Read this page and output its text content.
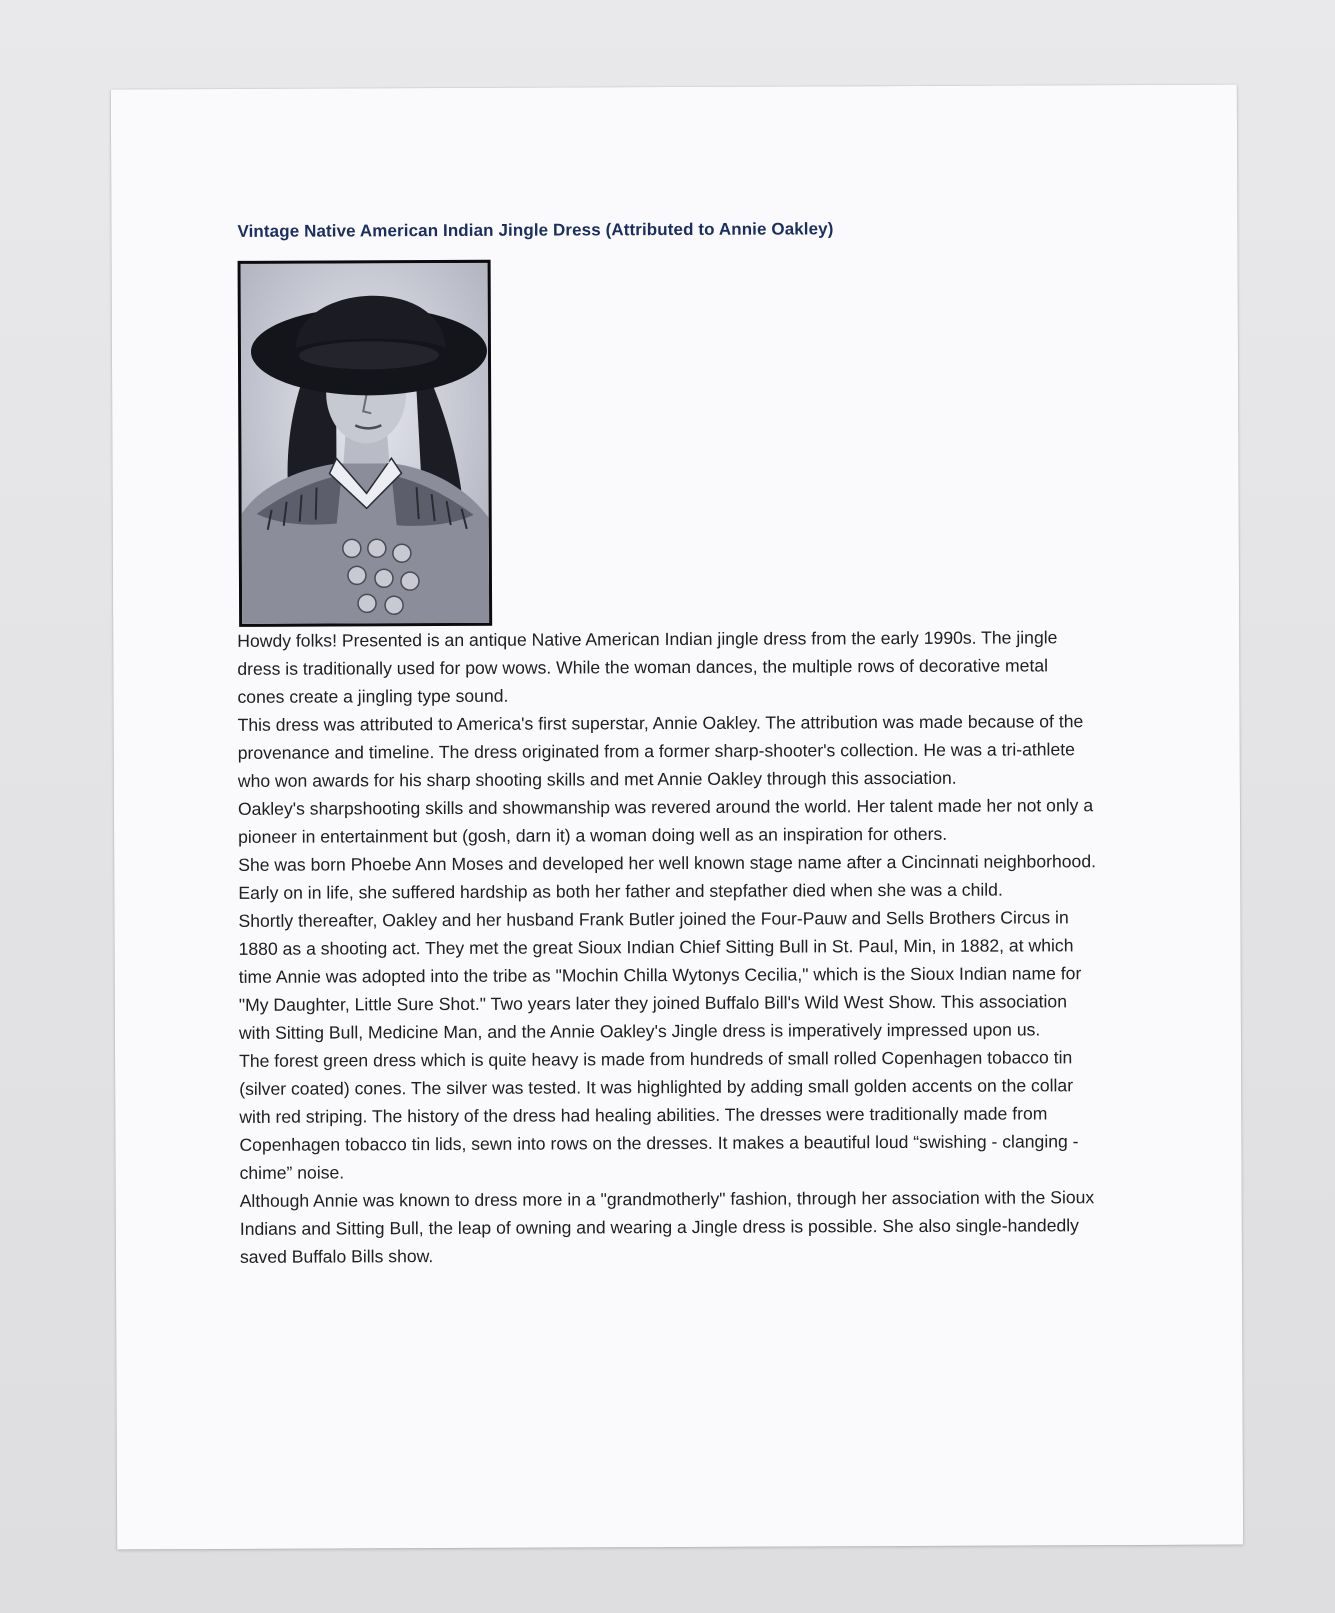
Vintage Native American Indian Jingle Dress (Attributed to Annie Oakley)

Howdy folks! Presented is an antique Native American Indian jingle dress from the early 1990s. The jingle dress is traditionally used for pow wows. While the woman dances, the multiple rows of decorative metal cones create a jingling type sound.

This dress was attributed to America's first superstar, Annie Oakley. The attribution was made because of the provenance and timeline. The dress originated from a former sharp-shooter's collection. He was a tri-athlete who won awards for his sharp shooting skills and met Annie Oakley through this association.

Oakley's sharpshooting skills and showmanship was revered around the world. Her talent made her not only a pioneer in entertainment but (gosh, darn it) a woman doing well as an inspiration for others.

She was born Phoebe Ann Moses and developed her well known stage name after a Cincinnati neighborhood. Early on in life, she suffered hardship as both her father and stepfather died when she was a child.

Shortly thereafter, Oakley and her husband Frank Butler joined the Four-Pauw and Sells Brothers Circus in 1880 as a shooting act. They met the great Sioux Indian Chief Sitting Bull in St. Paul, Min, in 1882, at which time Annie was adopted into the tribe as "Mochin Chilla Wytonys Cecilia," which is the Sioux Indian name for "My Daughter, Little Sure Shot." Two years later they joined Buffalo Bill's Wild West Show. This association with Sitting Bull, Medicine Man, and the Annie Oakley's Jingle dress is imperatively impressed upon us.

The forest green dress which is quite heavy is made from hundreds of small rolled Copenhagen tobacco tin (silver coated) cones. The silver was tested. It was highlighted by adding small golden accents on the collar with red striping. The history of the dress had healing abilities. The dresses were traditionally made from Copenhagen tobacco tin lids, sewn into rows on the dresses. It makes a beautiful loud “swishing - clanging - chime” noise.

Although Annie was known to dress more in a "grandmotherly" fashion, through her association with the Sioux Indians and Sitting Bull, the leap of owning and wearing a Jingle dress is possible. She also single-handedly saved Buffalo Bills show.
